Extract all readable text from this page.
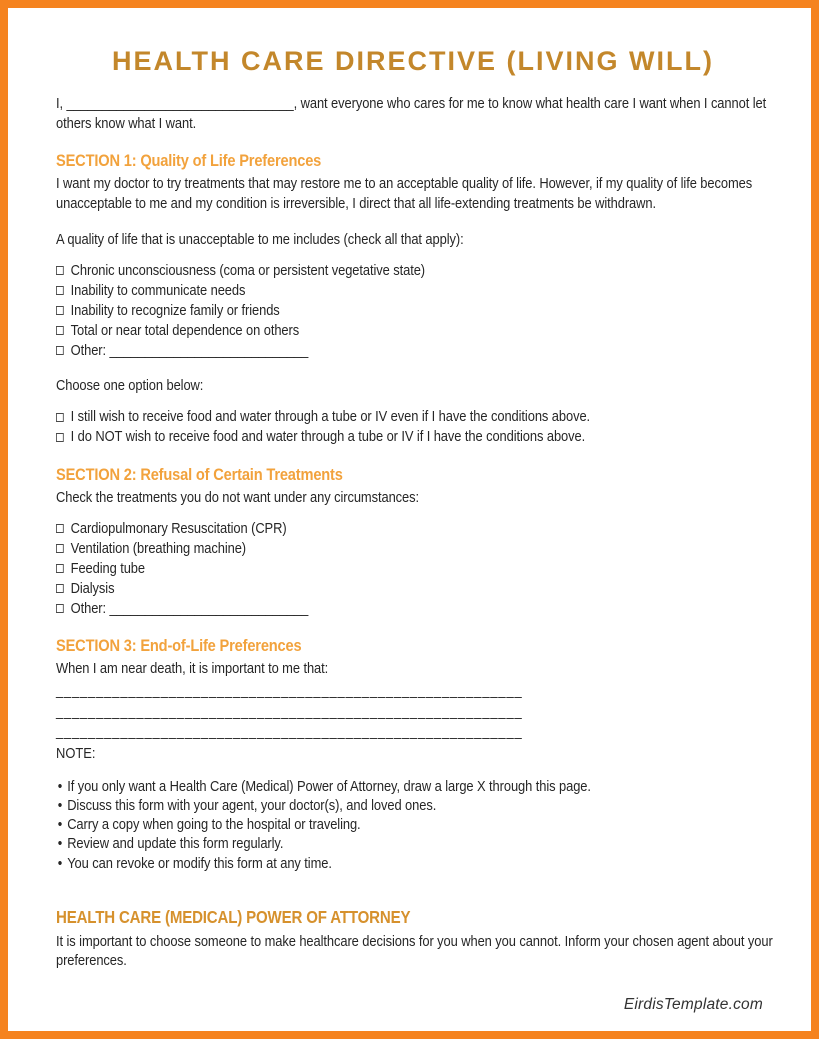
HEALTH CARE DIRECTIVE (LIVING WILL)
I, ________________________________, want everyone who cares for me to know what health care I want when I cannot let others know what I want.
SECTION 1: Quality of Life Preferences
I want my doctor to try treatments that may restore me to an acceptable quality of life. However, if my quality of life becomes unacceptable to me and my condition is irreversible, I direct that all life-extending treatments be withdrawn.
A quality of life that is unacceptable to me includes (check all that apply):
Chronic unconsciousness (coma or persistent vegetative state)
Inability to communicate needs
Inability to recognize family or friends
Total or near total dependence on others
Other: ____________________________
Choose one option below:
I still wish to receive food and water through a tube or IV even if I have the conditions above.
I do NOT wish to receive food and water through a tube or IV if I have the conditions above.
SECTION 2: Refusal of Certain Treatments
Check the treatments you do not want under any circumstances:
Cardiopulmonary Resuscitation (CPR)
Ventilation (breathing machine)
Feeding tube
Dialysis
Other: ____________________________
SECTION 3: End-of-Life Preferences
When I am near death, it is important to me that:
__________________________________________________________
__________________________________________________________
__________________________________________________________
NOTE:
• If you only want a Health Care (Medical) Power of Attorney, draw a large X through this page.
• Discuss this form with your agent, your doctor(s), and loved ones.
• Carry a copy when going to the hospital or traveling.
• Review and update this form regularly.
• You can revoke or modify this form at any time.
HEALTH CARE (MEDICAL) POWER OF ATTORNEY
It is important to choose someone to make healthcare decisions for you when you cannot. Inform your chosen agent about your preferences.
EirdisTemplate.com
